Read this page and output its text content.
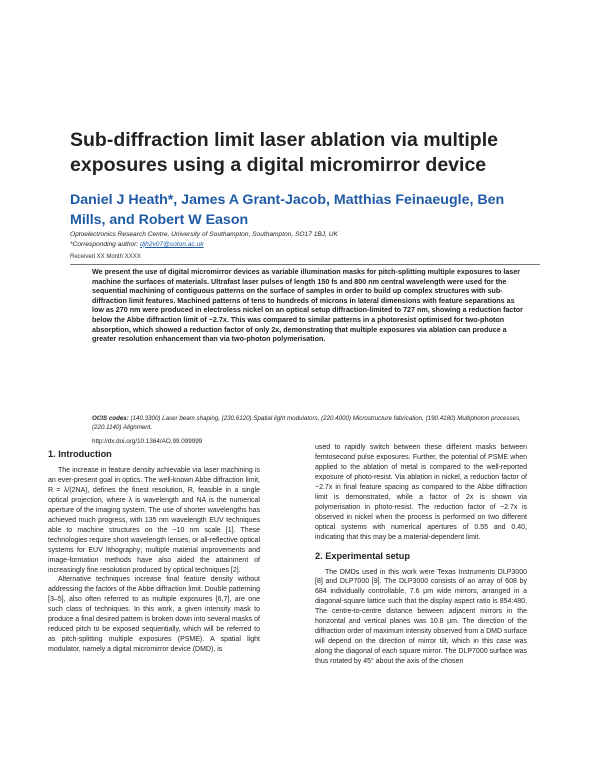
Sub-diffraction limit laser ablation via multiple exposures using a digital micromirror device
Daniel J Heath*, James A Grant-Jacob, Matthias Feinaeugle, Ben Mills, and Robert W Eason
Optoelectronics Research Centre, University of Southampton, Southampton, SO17 1BJ, UK
*Corresponding author: djh2v07@soton.ac.uk
Received XX Month XXXX
We present the use of digital micromirror devices as variable illumination masks for pitch-splitting multiple exposures to laser machine the surfaces of materials. Ultrafast laser pulses of length 150 fs and 800 nm central wavelength were used for the sequential machining of contiguous patterns on the surface of samples in order to build up complex structures with sub-diffraction limit features. Machined patterns of tens to hundreds of microns in lateral dimensions with feature separations as low as 270 nm were produced in electroless nickel on an optical setup diffraction-limited to 727 nm, showing a reduction factor below the Abbe diffraction limit of ~2.7x. This was compared to similar patterns in a photoresist optimised for two-photon absorption, which showed a reduction factor of only 2x, demonstrating that multiple exposures via ablation can produce a greater resolution enhancement than via two-photon polymerisation.
OCIS codes: (140.3300) Laser beam shaping, (230.6120) Spatial light modulators, (220.4000) Microstructure fabrication, (190.4180) Multiphoton processes, (220.1140) Alignment.
http://dx.doi.org/10.1364/AO.99.099999
1. Introduction

The increase in feature density achievable via laser machining is an ever-present goal in optics. The well-known Abbe diffraction limit, R = λ/(2NA), defines the finest resolution, R, feasible in a single optical projection, where λ is wavelength and NA is the numerical aperture of the imaging system. The use of shorter wavelengths has achieved much progress, with 135 nm wavelength EUV techniques able to machine structures on the ~10 nm scale [1]. These technologies require short wavelength lenses, or all-reflective optical systems for EUV lithography; multiple material improvements and image-formation methods have also aided the attainment of increasingly fine resolution produced by optical techniques [2].

Alternative techniques increase final feature density without addressing the factors of the Abbe diffraction limit. Double patterning [3–5], also often referred to as multiple exposures [6,7], are one such class of techniques. In this work, a given intensity mask to produce a final desired pattern is broken down into several masks of reduced pitch to be exposed sequentially, which will be referred to as pitch-splitting multiple exposures (PSME). A spatial light modulator, namely a digital micromirror device (DMD), is

used to rapidly switch between these different masks between femtosecond pulse exposures. Further, the potential of PSME when applied to the ablation of metal is compared to the well-reported exposure of photo-resist. Via ablation in nickel, a reduction factor of ~2.7x in final feature spacing as compared to the Abbe diffraction limit is demonstrated, while a factor of 2x is shown via polymerisation in photo-resist. The reduction factor of ~2.7x is observed in nickel when the process is performed on two different optical systems with numerical apertures of 0.55 and 0.40, indicating that this may be a material-dependent limit.

2. Experimental setup

The DMDs used in this work were Texas Instruments DLP3000 [8] and DLP7000 [9]. The DLP3000 consists of an array of 608 by 684 individually controllable, 7.6 μm wide mirrors, arranged in a diagonal-square lattice such that the display aspect ratio is 854:480. The centre-to-centre distance between adjacent mirrors in the horizontal and vertical planes was 10.8 μm. The direction of the diffraction order of maximum intensity observed from a DMD surface will depend on the direction of mirror tilt, which in this case was along the diagonal of each square mirror. The DLP7000 surface was thus rotated by 45° about the axis of the chosen
